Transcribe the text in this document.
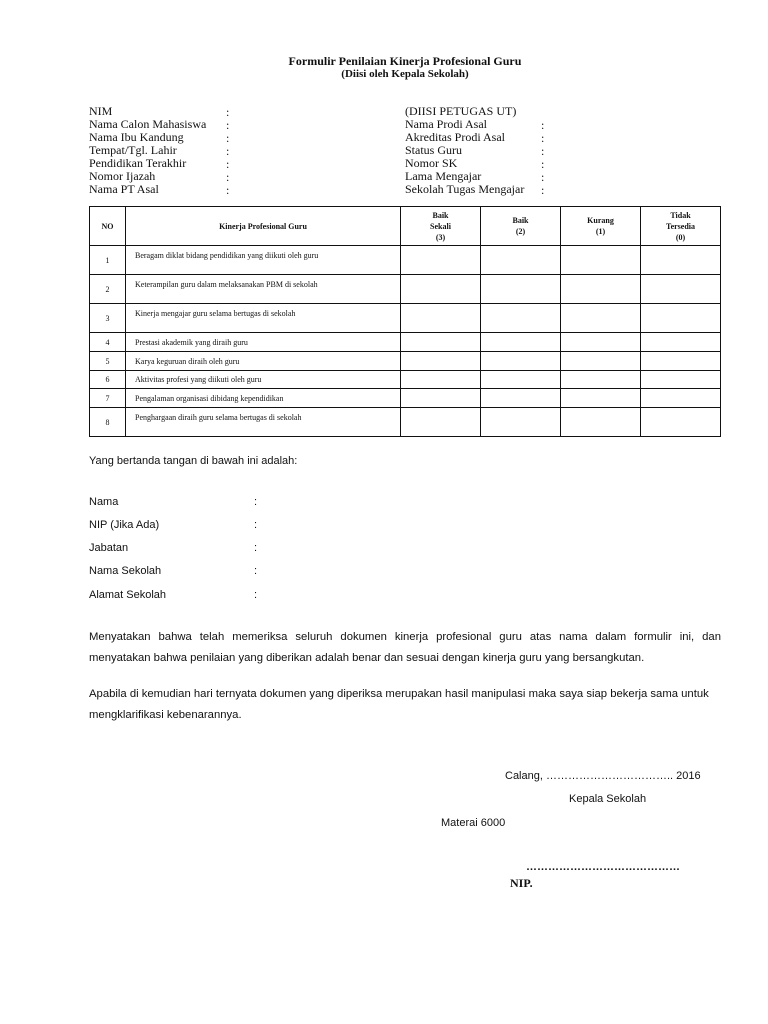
Formulir Penilaian Kinerja Profesional Guru
(Diisi oleh Kepala Sekolah)
NIM	:
Nama Calon Mahasiswa :
Nama Ibu Kandung	:
Tempat/Tgl. Lahir	:
Pendidikan Terakhir	:
Nomor Ijazah	:
Nama PT Asal	:
(DIISI PETUGAS UT)
Nama Prodi Asal	:
Akreditas Prodi Asal	:
Status Guru	:
Nomor SK	:
Lama Mengajar	:
Sekolah Tugas Mengajar :
NO	Kinerja Profesional Guru	Baik
Sekali
(3)	Baik
(2)	Kurang
(1)	Tidak
Tersedia
(0)
1	Beragam diklat bidang pendidikan yang diikuti oleh guru				
2	Keterampilan guru dalam melaksanakan PBM di sekolah				
3	Kinerja mengajar guru selama bertugas di sekolah				
4	Prestasi akademik yang diraih guru				
5	Karya keguruan diraih oleh guru				
6	Aktivitas profesi yang diikuti oleh guru				
7	Pengalaman organisasi dibidang kependidikan				
8	Penghargaan diraih guru selama bertugas di sekolah				
Yang bertanda tangan di bawah ini adalah:
Nama	:
NIP (Jika Ada)	:
Jabatan	:
Nama Sekolah	:
Alamat Sekolah	:
Menyatakan bahwa telah memeriksa seluruh dokumen kinerja profesional guru atas nama dalam formulir ini, dan
menyatakan bahwa penilaian yang diberikan adalah benar dan sesuai dengan kinerja guru yang bersangkutan.
Apabila di kemudian hari ternyata dokumen yang diperiksa merupakan hasil manipulasi maka saya siap bekerja sama untuk
mengklarifikasi kebenarannya.
Calang, …………………………….. 2016
Kepala Sekolah
Materai 6000
……………………………………
NIP.
